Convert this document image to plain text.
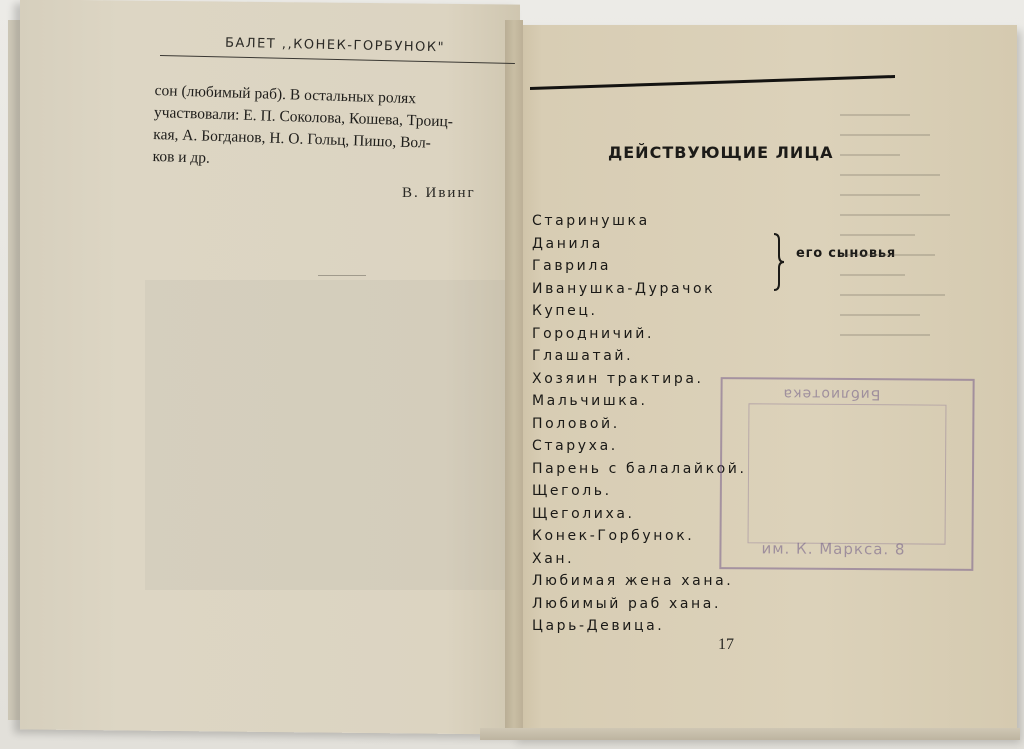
БАЛЕТ ,,КОНЕК-ГОРБУНОК"
сон (любимый раб). В остальных ролях
участвовали: Е. П. Соколова, Кошева, Троиц-
кая, А. Богданов, Н. О. Гольц, Пишо, Вол-
ков и др.
В. Ивинг
ДЕЙСТВУЮЩИЕ ЛИЦА
Старинушка
Данила
Гаврила
Иванушка-Дурачок
Купец.
Городничий.
Глашатай.
Хозяин трактира.
Мальчишка.
Половой.
Старуха.
Парень с балалайкой.
Щеголь.
Щеголиха.
Конек-Горбунок.
Хан.
Любимая жена хана.
Любимый раб хана.
Царь-Девица.
его сыновья
Библиотека
им. К. Маркса. 8
17
